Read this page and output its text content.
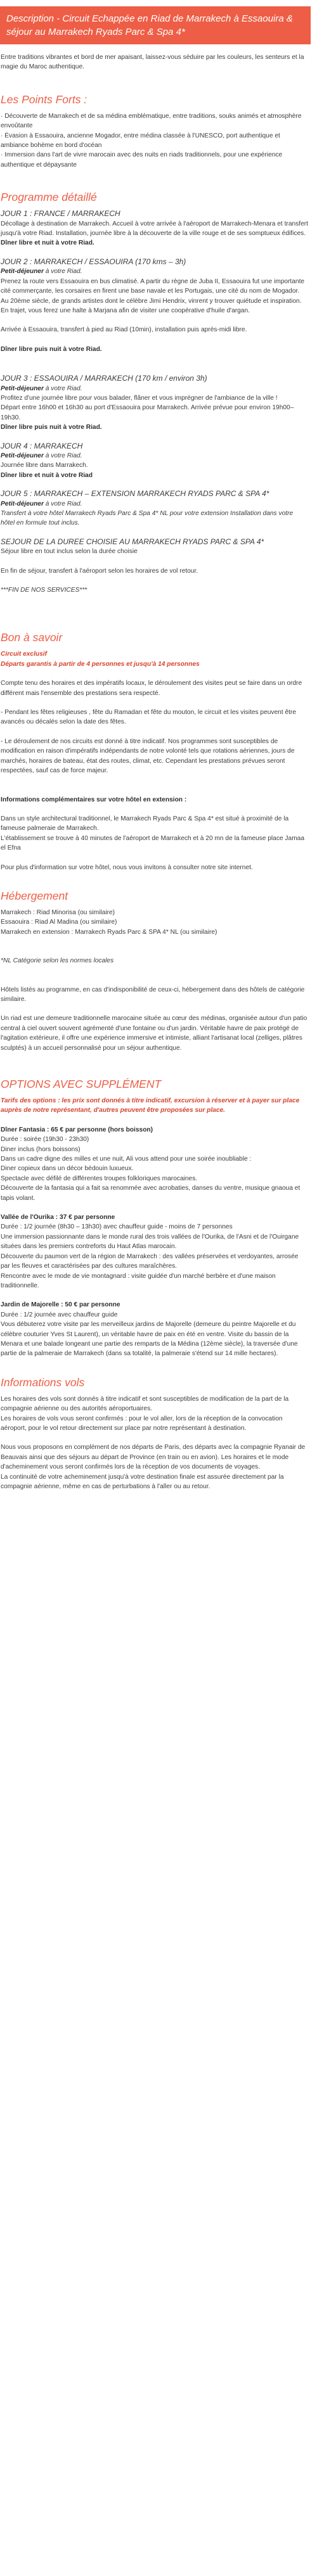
Description - Circuit Echappée en Riad de Marrakech à Essaouira & séjour au Marrakech Ryads Parc & Spa 4*

Entre traditions vibrantes et bord de mer apaisant, laissez-vous séduire par les couleurs, les senteurs et la magie du Maroc authentique.

Les Points Forts :

· Découverte de Marrakech et de sa médina emblématique, entre traditions, souks animés et atmosphère envoûtante

· Évasion à Essaouira, ancienne Mogador, entre médina classée à l'UNESCO, port authentique et ambiance bohème en bord d'océan

· Immersion dans l'art de vivre marocain avec des nuits en riads traditionnels, pour une expérience authentique et dépaysante

Programme détaillé
JOUR 1 : FRANCE / MARRAKECH

Décollage à destination de Marrakech. Accueil à votre arrivée à l'aéroport de Marrakech-Menara et transfert jusqu'à votre Riad. Installation, journée libre à la découverte de la ville rouge et de ses somptueux édifices.

Dîner libre et nuit à votre Riad.

JOUR 2 : MARRAKECH / ESSAOUIRA (170 kms – 3h)

Petit-déjeuner à votre Riad.

Prenez la route vers Essaouira en bus climatisé. A partir du règne de Juba II, Essaouira fut une importante cité commerçante, les corsaires en firent une base navale et les Portugais, une cité du nom de Mogador. Au 20ème siècle, de grands artistes dont le célèbre Jimi Hendrix, vinrent y trouver quiétude et inspiration.

En trajet, vous ferez une halte à Marjana afin de visiter une coopérative d'huile d'argan.

Arrivée à Essaouira, transfert à pied au Riad (10min), installation puis après-midi libre.

Dîner libre puis nuit à votre Riad.

JOUR 3 : ESSAOUIRA / MARRAKECH (170 km / environ 3h)

Petit-déjeuner à votre Riad.

Profitez d'une journée libre pour vous balader, flâner et vous imprégner de l'ambiance de la ville !

Départ entre 16h00 et 16h30 au port d'Essaouira pour Marrakech. Arrivée prévue pour environ 19h00–19h30.

Dîner libre puis nuit à votre Riad.

JOUR 4 : MARRAKECH

Petit-déjeuner à votre Riad.

Journée libre dans Marrakech.

Dîner libre et nuit à votre Riad

JOUR 5 : MARRAKECH – EXTENSION MARRAKECH RYADS PARC & SPA 4*

Petit-déjeuner à votre Riad.

Transfert à votre hôtel Marrakech Ryads Parc & Spa 4* NL pour votre extension Installation dans votre hôtel en formule tout inclus.

SEJOUR DE LA DUREE CHOISIE AU MARRAKECH RYADS PARC & SPA 4*

Séjour libre en tout inclus selon la durée choisie

En fin de séjour, transfert à l'aéroport selon les horaires de vol retour.

***FIN DE NOS SERVICES***

Bon à savoir

Circuit exclusif

Départs garantis à partir de 4 personnes et jusqu'à 14 personnes

Compte tenu des horaires et des impératifs locaux, le déroulement des visites peut se faire dans un ordre différent mais l'ensemble des prestations sera respecté.

- Pendant les fêtes religieuses , fête du Ramadan et fête du mouton, le circuit et les visites peuvent être avancés ou décalés selon la date des fêtes.

- Le déroulement de nos circuits est donné à titre indicatif. Nos programmes sont susceptibles de modification en raison d'impératifs indépendants de notre volonté tels que rotations aériennes, jours de marchés, horaires de bateau, état des routes, climat, etc. Cependant les prestations prévues seront respectées, sauf cas de force majeur.

Informations complémentaires sur votre hôtel en extension :

Dans un style architectural traditionnel, le Marrakech Ryads Parc & Spa 4* est situé à proximité de la fameuse palmeraie de Marrakech.

L'établissement se trouve à 40 minutes de l'aéroport de Marrakech et à 20 mn de la fameuse place Jamaa el Efna

Pour plus d'information sur votre hôtel, nous vous invitons à consulter notre site internet.

Hébergement

Marrakech : Riad Minorisa (ou similaire)

Essaouira : Riad Al Madina (ou similaire)

Marrakech en extension : Marrakech Ryads Parc & SPA 4* NL (ou similaire)

*NL Catégorie selon les normes locales

Hôtels listés au programme, en cas d'indisponibilité de ceux-ci, hébergement dans des hôtels de catégorie similaire.

Un riad est une demeure traditionnelle marocaine située au cœur des médinas, organisée autour d'un patio central à ciel ouvert souvent agrémenté d'une fontaine ou d'un jardin. Véritable havre de paix protégé de l'agitation extérieure, il offre une expérience immersive et intimiste, alliant l'artisanat local (zelliges, plâtres sculptés) à un accueil personnalisé pour un séjour authentique.

OPTIONS AVEC SUPPLÉMENT

Tarifs des options : les prix sont donnés à titre indicatif, excursion à réserver et à payer sur place auprès de notre représentant, d'autres peuvent être proposées sur place.

Dîner Fantasia : 65 € par personne (hors boisson)

Durée : soirée (19h30 - 23h30)

Diner inclus (hors boissons)

Dans un cadre digne des milles et une nuit, Ali vous attend pour une soirée inoubliable :

Diner copieux dans un décor bédouin luxueux.

Spectacle avec défilé de différentes troupes folkloriques marocaines.

Découverte de la fantasia qui a fait sa renommée avec acrobaties, danses du ventre, musique gnaoua et tapis volant.

Vallée de l'Ourika : 37 € par personne

Durée : 1/2 journée (8h30 – 13h30) avec chauffeur guide - moins de 7 personnes

Une immersion passionnante dans le monde rural des trois vallées de l'Ourika, de l'Asni et de l'Ouirgane situées dans les premiers contreforts du Haut Atlas marocain.

Découverte du paumon vert de la région de Marrakech : des vallées préservées et verdoyantes, arrosée par les fleuves et caractérisées par des cultures maraîchères.

Rencontre avec le mode de vie montagnard : visite guidée d'un marché berbère et d'une maison traditionnelle.

Jardin de Majorelle : 50 € par personne

Durée : 1/2 journée avec chauffeur guide

Vous débuterez votre visite par les merveilleux jardins de Majorelle (demeure du peintre Majorelle et du célèbre couturier Yves St Laurent), un véritable havre de paix en été en ventre. Visite du bassin de la Menara et une balade longeant une partie des remparts de la Médina (12ème siècle), la traversée d'une partie de la palmeraie de Marrakech (dans sa totalité, la palmeraie s'étend sur 14 mille hectares).

Informations vols

Les horaires des vols sont donnés à titre indicatif et sont susceptibles de modification de la part de la compagnie aérienne ou des autorités aéroportuaires.

Les horaires de vols vous seront confirmés : pour le vol aller, lors de la réception de la convocation aéroport, pour le vol retour directement sur place par notre représentant à destination.

Nous vous proposons en complément de nos départs de Paris, des départs avec la compagnie Ryanair de Beauvais ainsi que des séjours au départ de Province (en train ou en avion). Les horaires et le mode d'acheminement vous seront confirmés lors de la réception de vos documents de voyages.

La continuité de votre acheminement jusqu'à votre destination finale est assurée directement par la compagnie aérienne, même en cas de perturbations à l'aller ou au retour.
